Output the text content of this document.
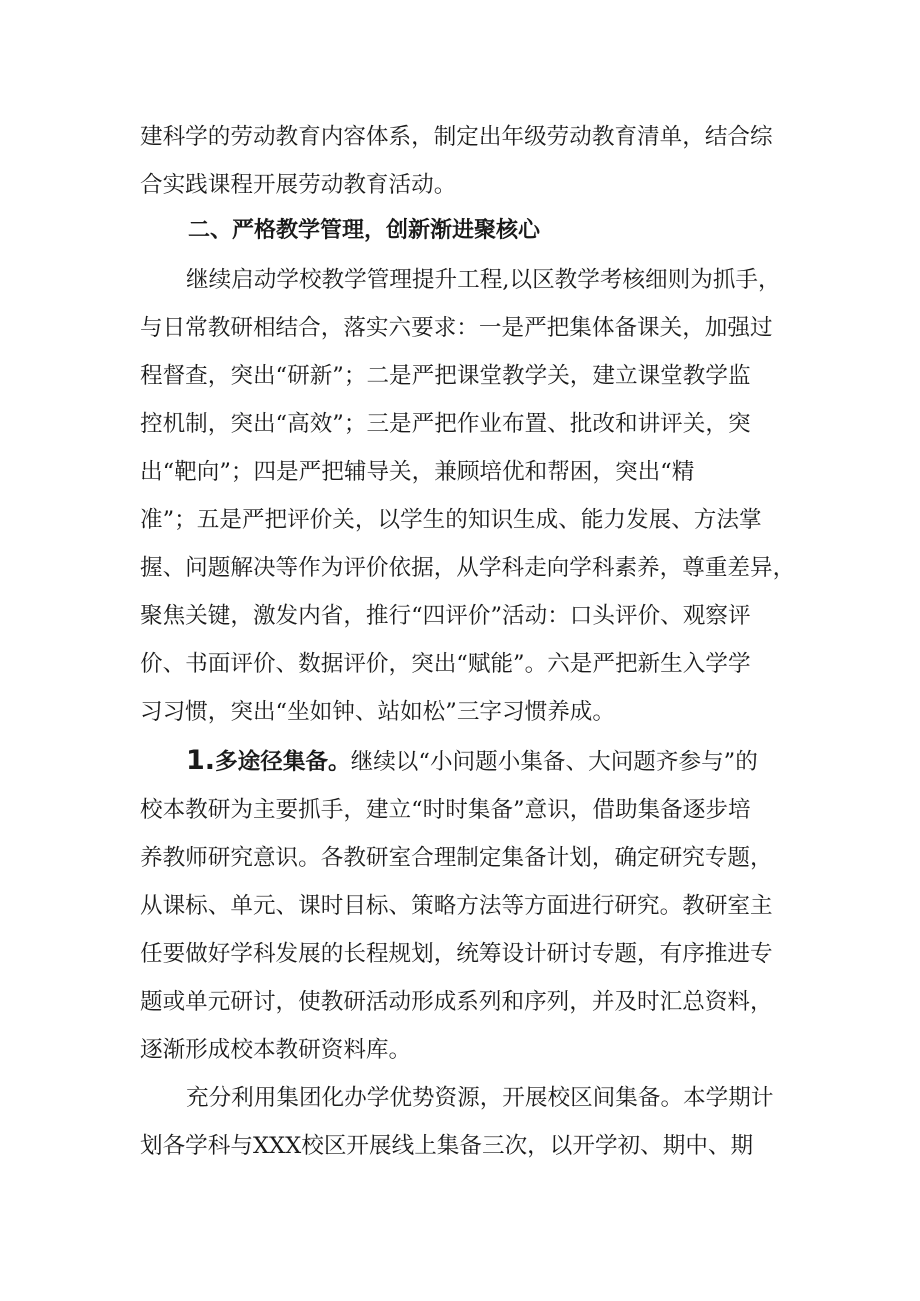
建科学的劳动教育内容体系，制定出年级劳动教育清单，结合综
合实践课程开展劳动教育活动。
二、严格教学管理，创新渐进聚核心
继续启动学校教学管理提升工程,以区教学考核细则为抓手，
与日常教研相结合，落实六要求：一是严把集体备课关，加强过
程督查，突出“研新”；二是严把课堂教学关，建立课堂教学监
控机制，突出“高效”；三是严把作业布置、批改和讲评关，突
出“靶向”；四是严把辅导关，兼顾培优和帮困，突出“精
准”；五是严把评价关，以学生的知识生成、能力发展、方法掌
握、问题解决等作为评价依据，从学科走向学科素养，尊重差异，
聚焦关键，激发内省，推行“四评价”活动：口头评价、观察评
价、书面评价、数据评价，突出“赋能”。六是严把新生入学学
习习惯，突出“坐如钟、站如松”三字习惯养成。
1.多途径集备。继续以“小问题小集备、大问题齐参与”的
校本教研为主要抓手，建立“时时集备”意识，借助集备逐步培
养教师研究意识。各教研室合理制定集备计划，确定研究专题，
从课标、单元、课时目标、策略方法等方面进行研究。教研室主
任要做好学科发展的长程规划，统筹设计研讨专题，有序推进专
题或单元研讨，使教研活动形成系列和序列，并及时汇总资料，
逐渐形成校本教研资料库。
充分利用集团化办学优势资源，开展校区间集备。本学期计
划各学科与XXX校区开展线上集备三次，以开学初、期中、期
